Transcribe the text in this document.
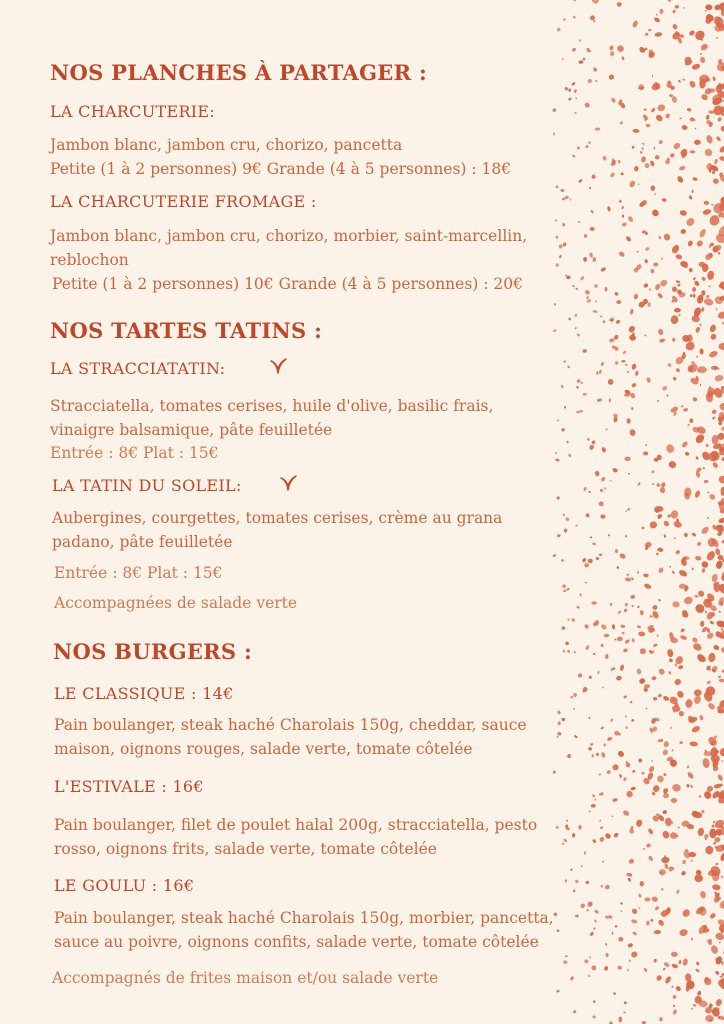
NOS PLANCHES À PARTAGER :
LA CHARCUTERIE:
Jambon blanc, jambon cru, chorizo, pancetta
Petite (1 à 2 personnes) 9€ Grande (4 à 5 personnes) : 18€
LA CHARCUTERIE FROMAGE :
Jambon blanc, jambon cru, chorizo, morbier, saint-marcellin, reblochon
Petite (1 à 2 personnes) 10€ Grande (4 à 5 personnes) : 20€
NOS TARTES TATINS :
LA STRACCIATATIN:
Stracciatella, tomates cerises, huile d'olive, basilic frais, vinaigre balsamique, pâte feuilletée
Entrée : 8€ Plat : 15€
LA TATIN DU SOLEIL:
Aubergines, courgettes, tomates cerises, crème au grana padano, pâte feuilletée
Entrée : 8€ Plat : 15€
Accompagnées de salade verte
NOS BURGERS :
LE CLASSIQUE : 14€
Pain boulanger, steak haché Charolais 150g, cheddar, sauce maison, oignons rouges, salade verte, tomate côtelée
L'ESTIVALE : 16€
Pain boulanger, filet de poulet halal 200g, stracciatella, pesto rosso, oignons frits, salade verte, tomate côtelée
LE GOULU : 16€
Pain boulanger, steak haché Charolais 150g, morbier, pancetta, sauce au poivre, oignons confits, salade verte, tomate côtelée
Accompagnés de frites maison et/ou salade verte
